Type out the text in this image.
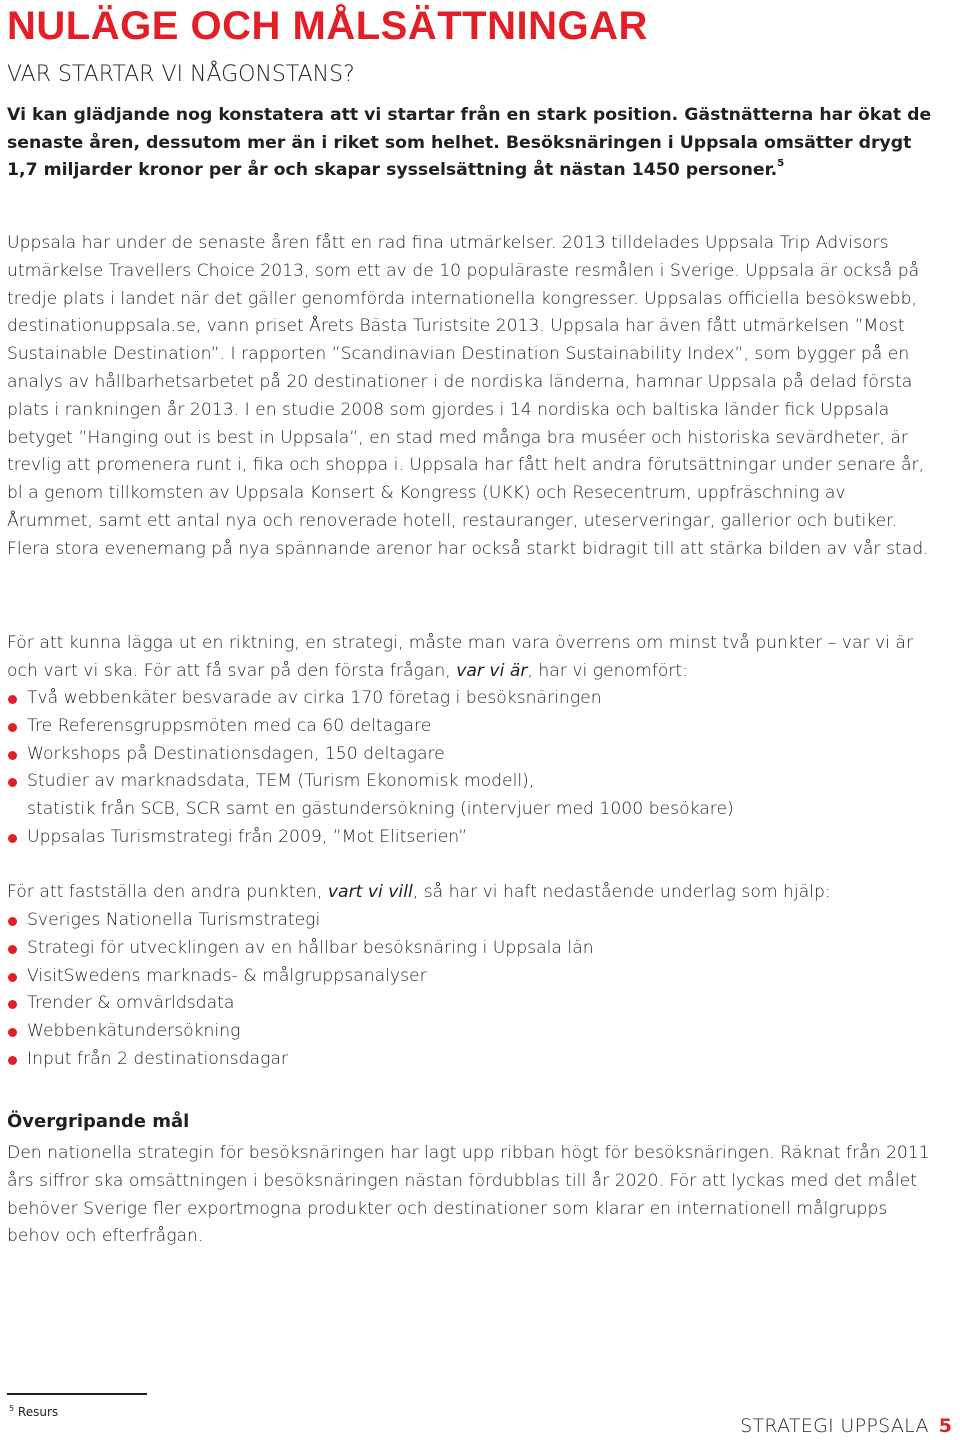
NULÄGE OCH MÅLSÄTTNINGAR
VAR STARTAR VI NÅGONSTANS?

Vi kan glädjande nog konstatera att vi startar från en stark position. Gästnätterna har ökat de senaste åren, dessutom mer än i riket som helhet. Besöksnäringen i Uppsala omsätter drygt 1,7 miljarder kronor per år och skapar sysselsättning åt nästan 1450 personer.$^5$

Uppsala har under de senaste åren fått en rad fina utmärkelser. 2013 tilldelades Uppsala Trip Advisors utmärkelse Travellers Choice 2013, som ett av de 10 populäraste resmålen i Sverige. Uppsala är också på tredje plats i landet när det gäller genomförda internationella kongresser. Uppsalas officiella besökswebb, destinationuppsala.se, vann priset Årets Bästa Turistsite 2013. Uppsala har även fått utmärkelsen ”Most Sustainable Destination”. I rapporten ”Scandinavian Destination Sustainability Index”, som bygger på en analys av hållbarhetsarbetet på 20 destinationer i de nordiska länderna, hamnar Uppsala på delad första plats i rankningen år 2013. I en studie 2008 som gjordes i 14 nordiska och baltiska länder fick Uppsala betyget ”Hanging out is best in Uppsala”, en stad med många bra muséer och historiska sevärdheter, är trevlig att promenera runt i, fika och shoppa i. Uppsala har fått helt andra förutsättningar under senare år, bl a genom tillkomsten av Uppsala Konsert & Kongress (UKK) och Resecentrum, uppfräschning av Årummet, samt ett antal nya och renoverade hotell, restauranger, uteserveringar, gallerior och butiker. Flera stora evenemang på nya spännande arenor har också starkt bidragit till att stärka bilden av vår stad.

För att kunna lägga ut en riktning, en strategi, måste man vara överrens om minst två punkter – var vi är och vart vi ska. För att få svar på den första frågan, var vi är, har vi genomfört:

Två webbenkäter besvarade av cirka 170 företag i besöksnäringen
Tre Referensgruppsmöten med ca 60 deltagare
Workshops på Destinationsdagen, 150 deltagare
Studier av marknadsdata, TEM (Turism Ekonomisk modell),
statistik från SCB, SCR samt en gästundersökning (intervjuer med 1000 besökare)
Uppsalas Turismstrategi från 2009, ”Mot Elitserien”

För att fastställa den andra punkten, vart vi vill, så har vi haft nedastående underlag som hjälp:

Sveriges Nationella Turismstrategi
Strategi för utvecklingen av en hållbar besöksnäring i Uppsala län
VisitSwedens marknads- & målgruppsanalyser
Trender & omvärldsdata
Webbenkätundersökning
Input från 2 destinationsdagar
Övergripande mål

Den nationella strategin för besöksnäringen har lagt upp ribban högt för besöksnäringen. Räknat från 2011 års siffror ska omsättningen i besöksnäringen nästan fördubblas till år 2020. För att lyckas med det målet behöver Sverige fler exportmogna produkter och destinationer som klarar en internationell målgrupps behov och efterfrågan.

$^5$ Resurs
STRATEGI UPPSALA 5
